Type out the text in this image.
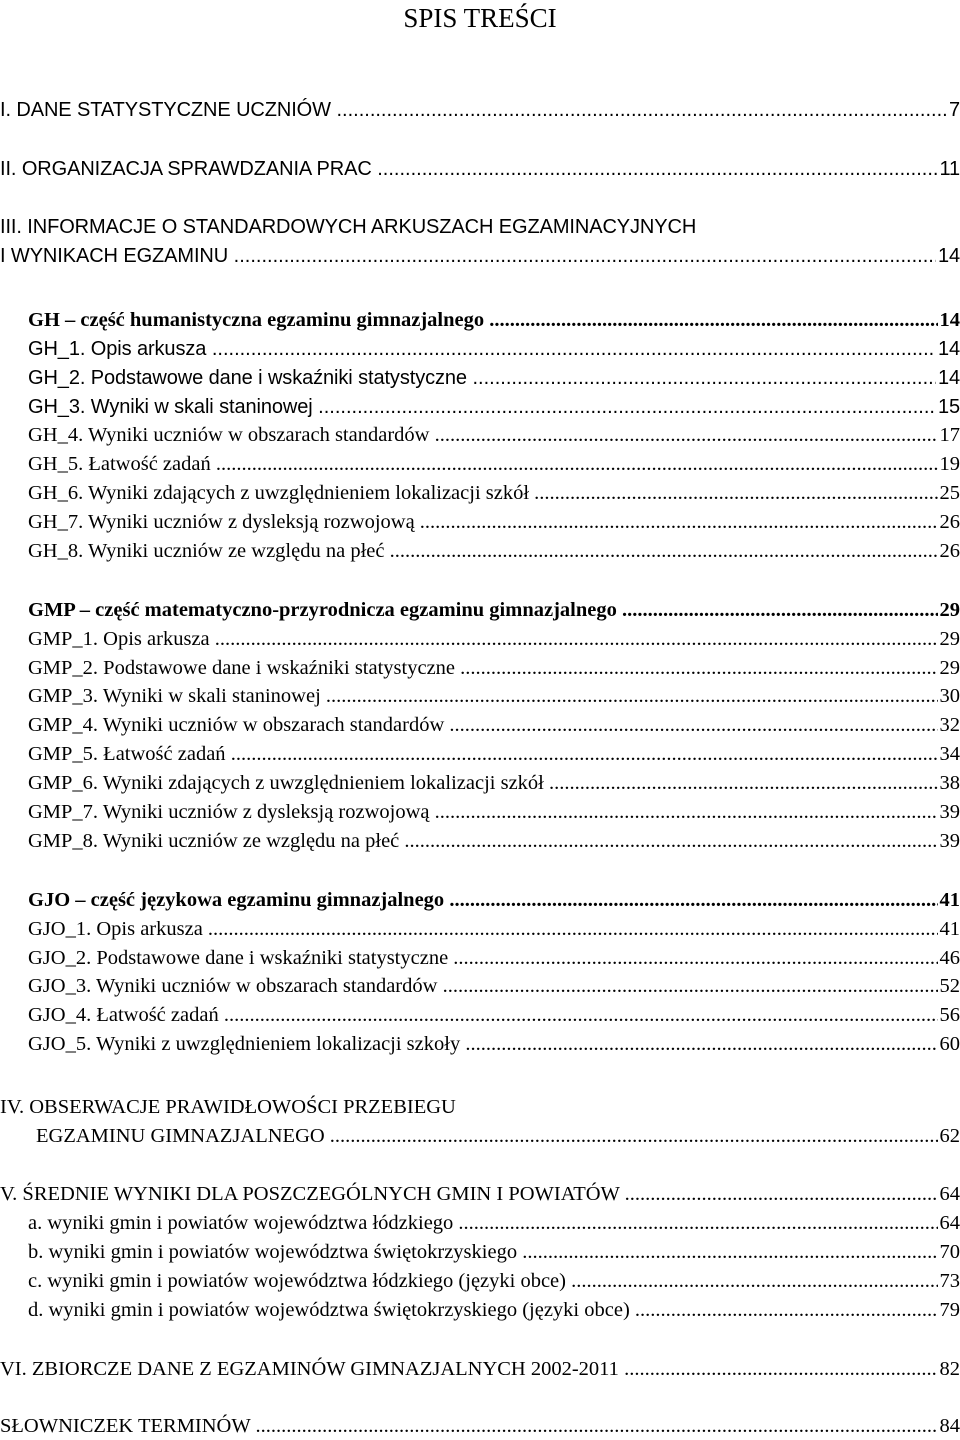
SPIS TREŚCI
I. DANE STATYSTYCZNE UCZNIÓW .....	7
II. ORGANIZACJA SPRAWDZANIA PRAC .....	11
III. INFORMACJE O STANDARDOWYCH ARKUSZACH EGZAMINACYJNYCH
I WYNIKACH EGZAMINU .....	14
GH – część humanistyczna egzaminu gimnazjalnego .....	14
GH_1. Opis arkusza .....	14
GH_2. Podstawowe dane i wskaźniki statystyczne .....	14
GH_3. Wyniki w skali staninowej .....	15
GH_4. Wyniki uczniów w obszarach standardów .....	17
GH_5. Łatwość zadań .....	19
GH_6. Wyniki zdających z uwzględnieniem lokalizacji szkół .....	25
GH_7. Wyniki uczniów z dysleksją rozwojową .....	26
GH_8. Wyniki uczniów ze względu na płeć .....	26
GMP – część matematyczno-przyrodnicza egzaminu gimnazjalnego .....	29
GMP_1. Opis arkusza .....	29
GMP_2. Podstawowe dane i wskaźniki statystyczne .....	29
GMP_3. Wyniki w skali staninowej .....	30
GMP_4. Wyniki uczniów w obszarach standardów .....	32
GMP_5. Łatwość zadań .....	34
GMP_6. Wyniki zdających z uwzględnieniem lokalizacji szkół .....	38
GMP_7. Wyniki uczniów z dysleksją rozwojową .....	39
GMP_8. Wyniki uczniów ze względu na płeć .....	39
GJO – część językowa egzaminu gimnazjalnego .....	41
GJO_1. Opis arkusza .....	41
GJO_2. Podstawowe dane i wskaźniki statystyczne .....	46
GJO_3. Wyniki uczniów w obszarach standardów .....	52
GJO_4. Łatwość zadań .....	56
GJO_5. Wyniki z uwzględnieniem lokalizacji szkoły .....	60
IV. OBSERWACJE PRAWIDŁOWOŚCI PRZEBIEGU
EGZAMINU GIMNAZJALNEGO .....	62
V. ŚREDNIE WYNIKI DLA POSZCZEGÓLNYCH GMIN I POWIATÓW .....	64
a. wyniki gmin i powiatów województwa łódzkiego .....	64
b. wyniki gmin i powiatów województwa świętokrzyskiego .....	70
c. wyniki gmin i powiatów województwa łódzkiego (języki obce) .....	73
d. wyniki gmin i powiatów województwa świętokrzyskiego (języki obce) .....	79
VI. ZBIORCZE DANE Z EGZAMINÓW GIMNAZJALNYCH 2002-2011 .....	82
SŁOWNICZEK TERMINÓW .....	84
